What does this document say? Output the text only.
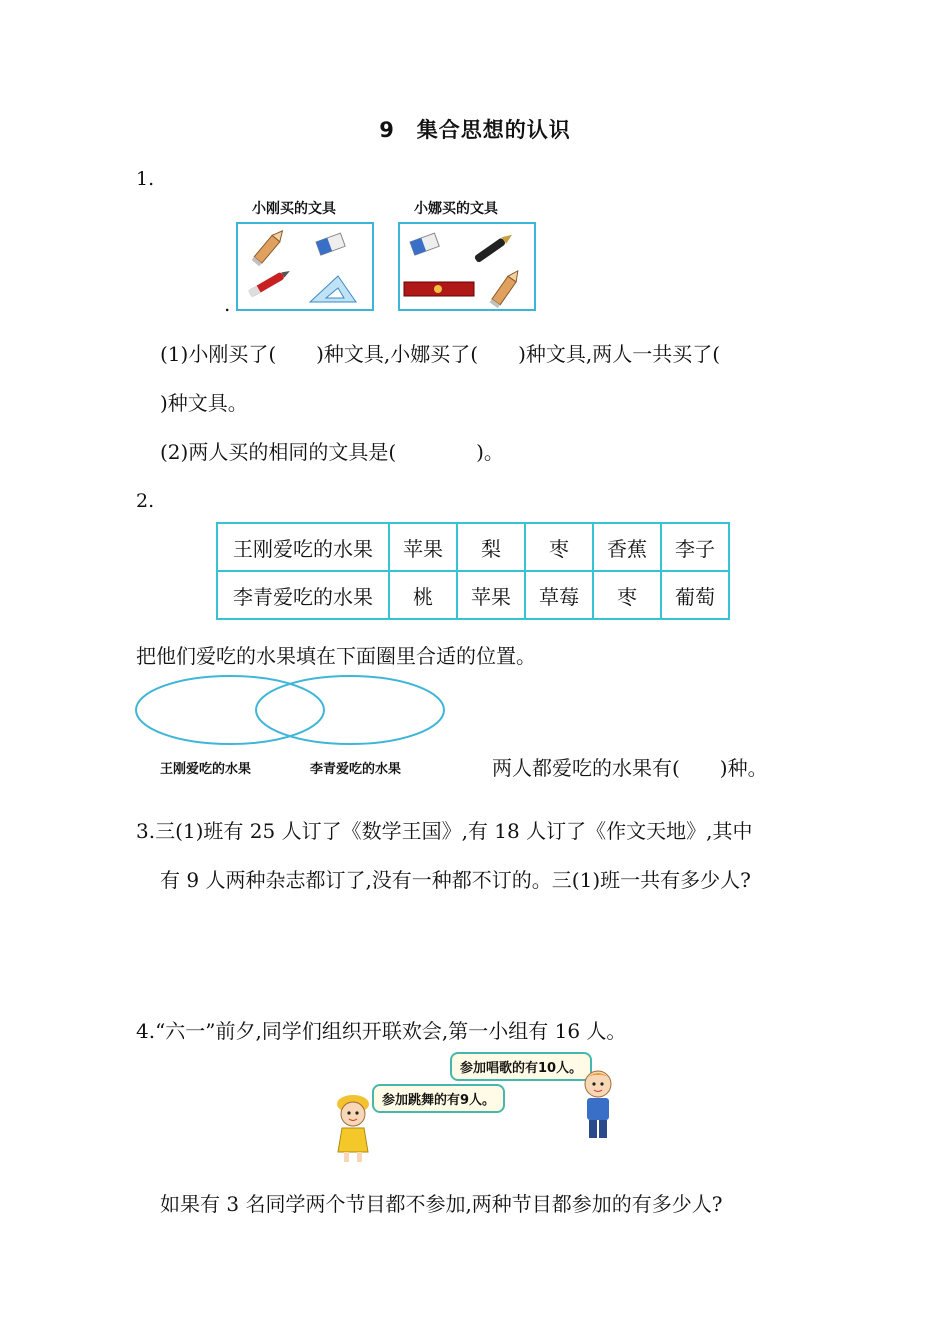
9　集合思想的认识
1.
小刚买的文具	小娜买的文具
.
(1)小刚买了(　　)种文具,小娜买了(　　)种文具,两人一共买了(
)种文具。
(2)两人买的相同的文具是(　　　　)。
2.
王刚爱吃的水果	苹果	梨	枣	香蕉	李子
李青爱吃的水果	桃	苹果	草莓	枣	葡萄
把他们爱吃的水果填在下面圈里合适的位置。
王刚爱吃的水果	李青爱吃的水果	两人都爱吃的水果有(　　)种。
3.三(1)班有 25 人订了《数学王国》,有 18 人订了《作文天地》,其中
有 9 人两种杂志都订了,没有一种都不订的。三(1)班一共有多少人?
4.“六一”前夕,同学们组织开联欢会,第一小组有 16 人。
参加唱歌的有10人。
参加跳舞的有9人。
如果有 3 名同学两个节目都不参加,两种节目都参加的有多少人?
